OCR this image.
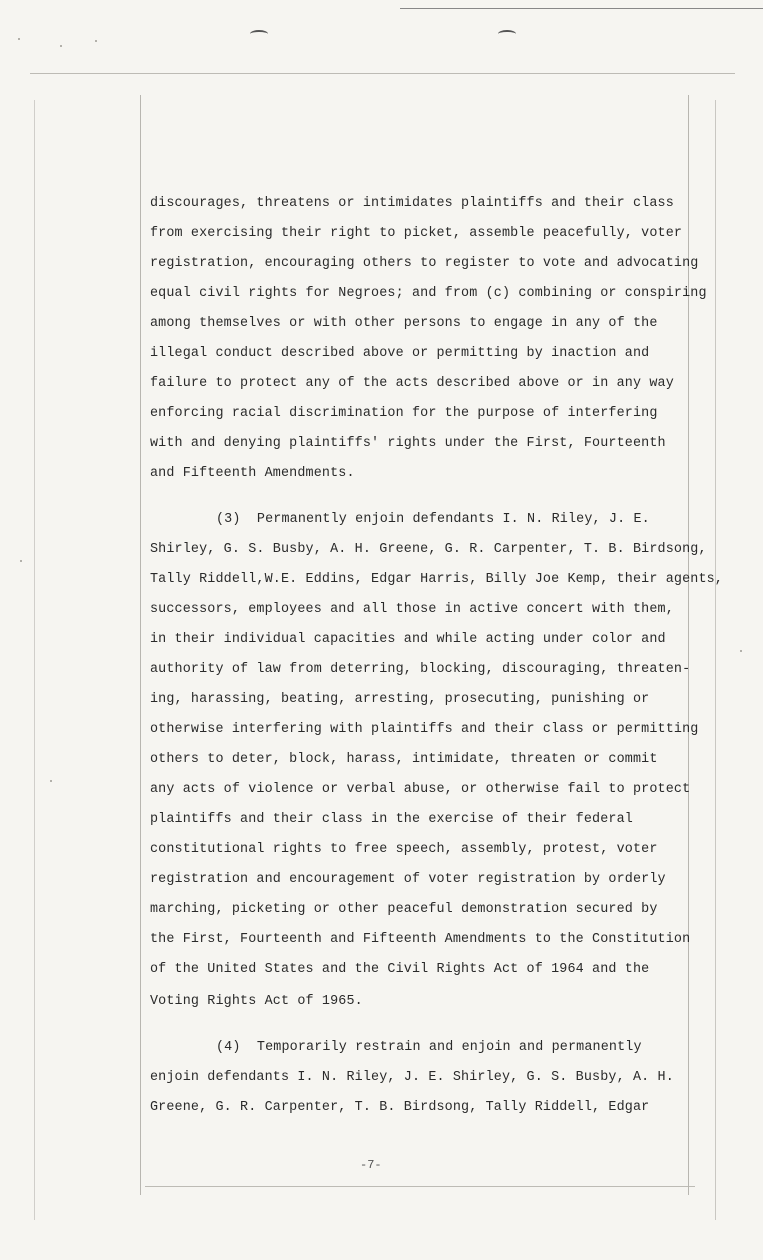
discourages, threatens or intimidates plaintiffs and their class
from exercising their right to picket, assemble peacefully, voter
registration, encouraging others to register to vote and advocating
equal civil rights for Negroes; and from (c) combining or conspiring
among themselves or with other persons to engage in any of the
illegal conduct described above or permitting by inaction and
failure to protect any of the acts described above or in any way
enforcing racial discrimination for the purpose of interfering
with and denying plaintiffs' rights under the First, Fourteenth
and Fifteenth Amendments.
(3)  Permanently enjoin defendants I. N. Riley, J. E.
Shirley, G. S. Busby, A. H. Greene, G. R. Carpenter, T. B. Birdsong,
Tally Riddell,W.E. Eddins, Edgar Harris, Billy Joe Kemp, their agents,
successors, employees and all those in active concert with them,
in their individual capacities and while acting under color and
authority of law from deterring, blocking, discouraging, threaten-
ing, harassing, beating, arresting, prosecuting, punishing or
otherwise interfering with plaintiffs and their class or permitting
others to deter, block, harass, intimidate, threaten or commit
any acts of violence or verbal abuse, or otherwise fail to protect
plaintiffs and their class in the exercise of their federal
constitutional rights to free speech, assembly, protest, voter
registration and encouragement of voter registration by orderly
marching, picketing or other peaceful demonstration secured by
the First, Fourteenth and Fifteenth Amendments to the Constitution
of the United States and the Civil Rights Act of 1964 and the
Voting Rights Act of 1965.
(4)  Temporarily restrain and enjoin and permanently
enjoin defendants I. N. Riley, J. E. Shirley, G. S. Busby, A. H.
Greene, G. R. Carpenter, T. B. Birdsong, Tally Riddell, Edgar
-7-
